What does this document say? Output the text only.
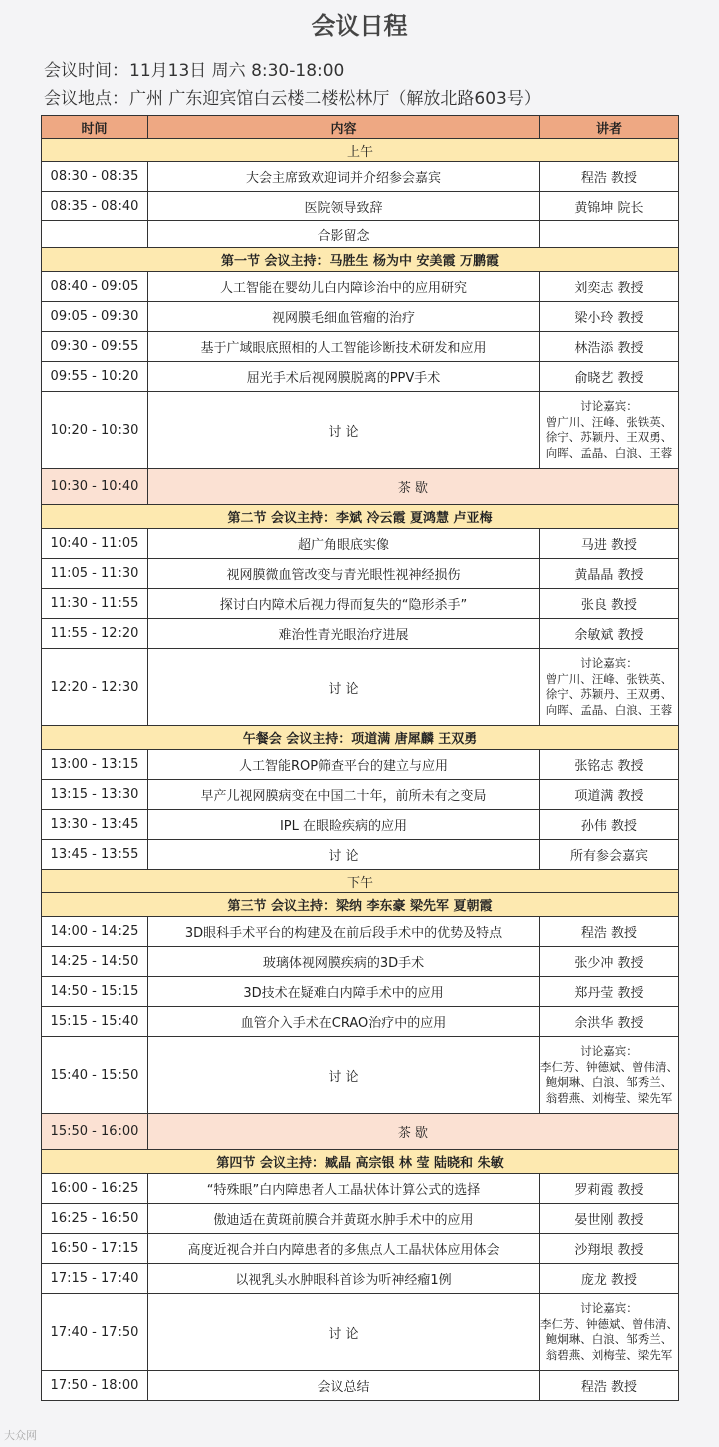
会议日程
会议时间：11月13日 周六 8:30-18:00
会议地点：广州 广东迎宾馆白云楼二楼松林厅（解放北路603号）
时间	内容	讲者
上午		
08:30 - 08:35	大会主席致欢迎词并介绍参会嘉宾	程浩 教授
08:35 - 08:40	医院领导致辞	黄锦坤 院长
	合影留念	
第一节 会议主持：马胜生 杨为中 安美霞 万鹏霞		
08:40 - 09:05	人工智能在婴幼儿白内障诊治中的应用研究	刘奕志 教授
09:05 - 09:30	视网膜毛细血管瘤的治疗	梁小玲 教授
09:30 - 09:55	基于广域眼底照相的人工智能诊断技术研发和应用	林浩添 教授
09:55 - 10:20	屈光手术后视网膜脱离的PPV手术	俞晓艺 教授
10:20 - 10:30	讨 论	讨论嘉宾：
曾广川、汪峰、张铁英、
徐宁、苏颖丹、王双勇、
向晖、孟晶、白浪、王蓉

10:30 - 10:40	茶 歇	
第二节 会议主持：李斌 冷云霞 夏鸿慧 卢亚梅		
10:40 - 11:05	超广角眼底实像	马进 教授
11:05 - 11:30	视网膜微血管改变与青光眼性视神经损伤	黄晶晶 教授
11:30 - 11:55	探讨白内障术后视力得而复失的“隐形杀手”	张良 教授
11:55 - 12:20	难治性青光眼治疗进展	余敏斌 教授
12:20 - 12:30	讨 论	讨论嘉宾：
曾广川、汪峰、张铁英、
徐宁、苏颖丹、王双勇、
向晖、孟晶、白浪、王蓉

午餐会 会议主持：项道满 唐犀麟 王双勇		
13:00 - 13:15	人工智能ROP筛查平台的建立与应用	张铭志 教授
13:15 - 13:30	早产儿视网膜病变在中国二十年，前所未有之变局	项道满 教授
13:30 - 13:45	IPL 在眼睑疾病的应用	孙伟 教授
13:45 - 13:55	讨 论	所有参会嘉宾
下午		
第三节 会议主持：梁纳 李东豪 梁先军 夏朝霞		
14:00 - 14:25	3D眼科手术平台的构建及在前后段手术中的优势及特点	程浩 教授
14:25 - 14:50	玻璃体视网膜疾病的3D手术	张少冲 教授
14:50 - 15:15	3D技术在疑难白内障手术中的应用	郑丹莹 教授
15:15 - 15:40	血管介入手术在CRAO治疗中的应用	余洪华 教授
15:40 - 15:50	讨 论	讨论嘉宾：
李仁芳、钟德斌、曾伟清、
鲍炯琳、白浪、邹秀兰、
翁碧燕、刘梅莹、梁先军

15:50 - 16:00	茶 歇	
第四节 会议主持：臧晶 高宗银 林 莹 陆晓和 朱敏		
16:00 - 16:25	“特殊眼”白内障患者人工晶状体计算公式的选择	罗莉霞 教授
16:25 - 16:50	傲迪适在黄斑前膜合并黄斑水肿手术中的应用	晏世刚 教授
16:50 - 17:15	高度近视合并白内障患者的多焦点人工晶状体应用体会	沙翔垠 教授
17:15 - 17:40	以视乳头水肿眼科首诊为听神经瘤1例	庞龙 教授
17:40 - 17:50	讨 论	讨论嘉宾：
李仁芳、钟德斌、曾伟清、
鲍炯琳、白浪、邹秀兰、
翁碧燕、刘梅莹、梁先军

17:50 - 18:00	会议总结	程浩 教授
大众网
